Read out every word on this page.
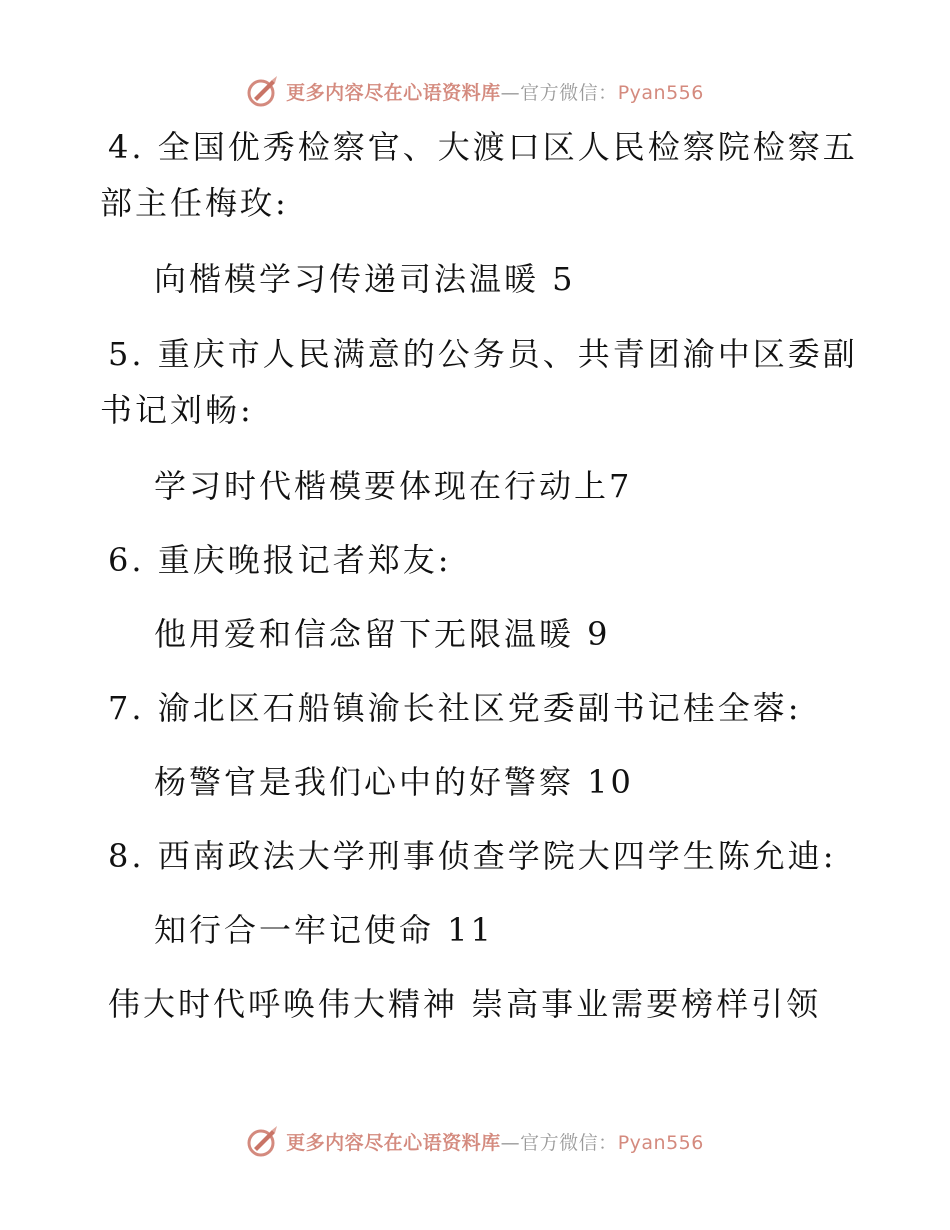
更多内容尽在心语资料库—官方微信：Pyan556
4. 全国优秀检察官、大渡口区人民检察院检察五
部主任梅玫:
向楷模学习传递司法温暖 5
5. 重庆市人民满意的公务员、共青团渝中区委副
书记刘畅:
学习时代楷模要体现在行动上7
6. 重庆晚报记者郑友:
他用爱和信念留下无限温暖 9
7. 渝北区石船镇渝长社区党委副书记桂全蓉:
杨警官是我们心中的好警察 10
8. 西南政法大学刑事侦查学院大四学生陈允迪:
知行合一牢记使命 11
伟大时代呼唤伟大精神 崇高事业需要榜样引领
更多内容尽在心语资料库—官方微信：Pyan556
